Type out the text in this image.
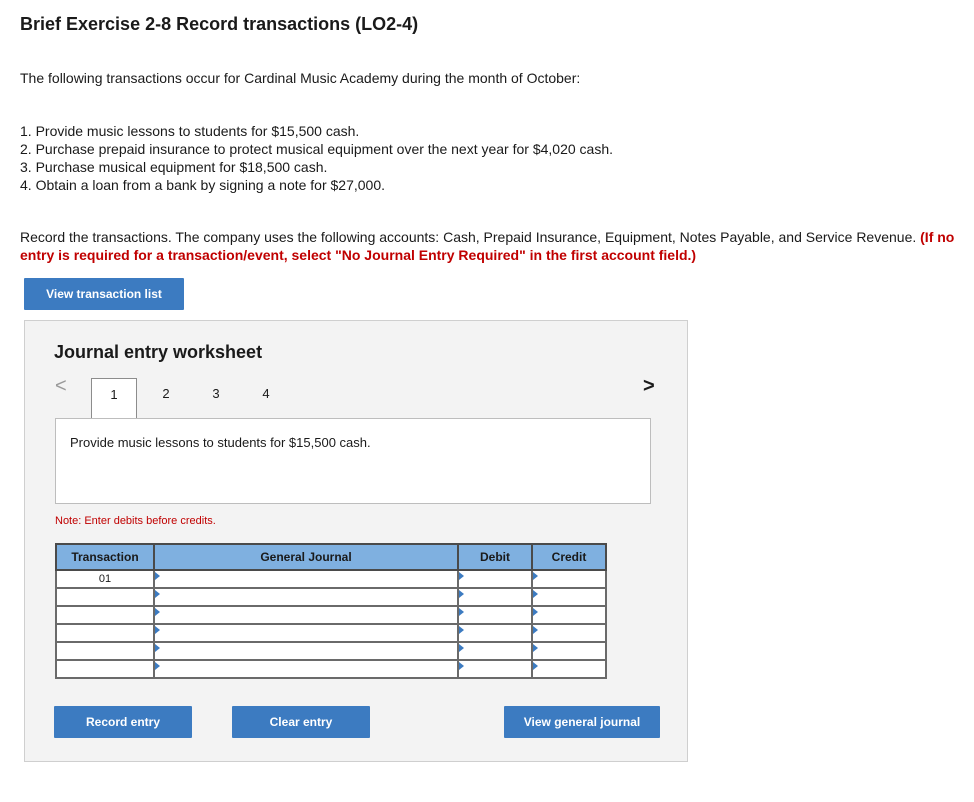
Brief Exercise 2-8 Record transactions (LO2-4)
The following transactions occur for Cardinal Music Academy during the month of October:
1. Provide music lessons to students for $15,500 cash.
2. Purchase prepaid insurance to protect musical equipment over the next year for $4,020 cash.
3. Purchase musical equipment for $18,500 cash.
4. Obtain a loan from a bank by signing a note for $27,000.
Record the transactions. The company uses the following accounts: Cash, Prepaid Insurance, Equipment, Notes Payable, and Service Revenue. (If no entry is required for a transaction/event, select "No Journal Entry Required" in the first account field.)
View transaction list
Journal entry worksheet
<	>
1	2	3	4
Provide music lessons to students for $15,500 cash.
Note: Enter debits before credits.
Transaction	General Journal	Debit	Credit
01			

Record entry	Clear entry	View general journal
